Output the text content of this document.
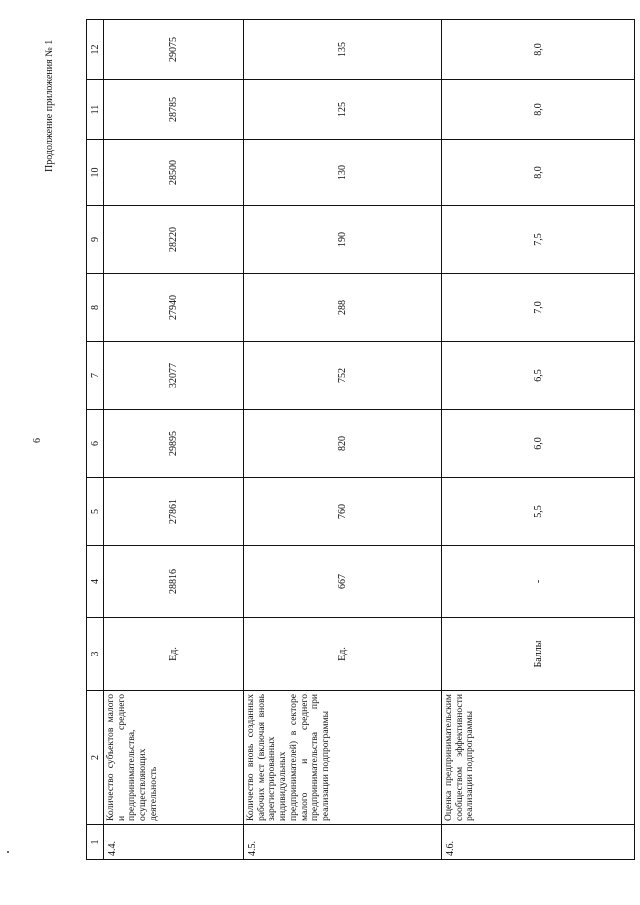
6
Продолжение приложения № 1
1	2	3	4	5	6	7	8	9	10	11	12
4.4.	Количество субъектов малого и среднего предпринимательства, осуществляющих деятельность	Ед.	28816	27861	29895	32077	27940	28220	28500	28785	29075
4.5.	Количество вновь созданных рабочих мест (включая вновь зарегистрированных индивидуальных предпринимателей) в секторе малого и среднего предпринимательства при реализации подпрограммы	Ед.	667	760	820	752	288	190	130	125	135
4.6.	Оценка предпринимательским сообществом эффективности реализации подпрограммы	Баллы	-	5,5	6,0	6,5	7,0	7,5	8,0	8,0	8,0
